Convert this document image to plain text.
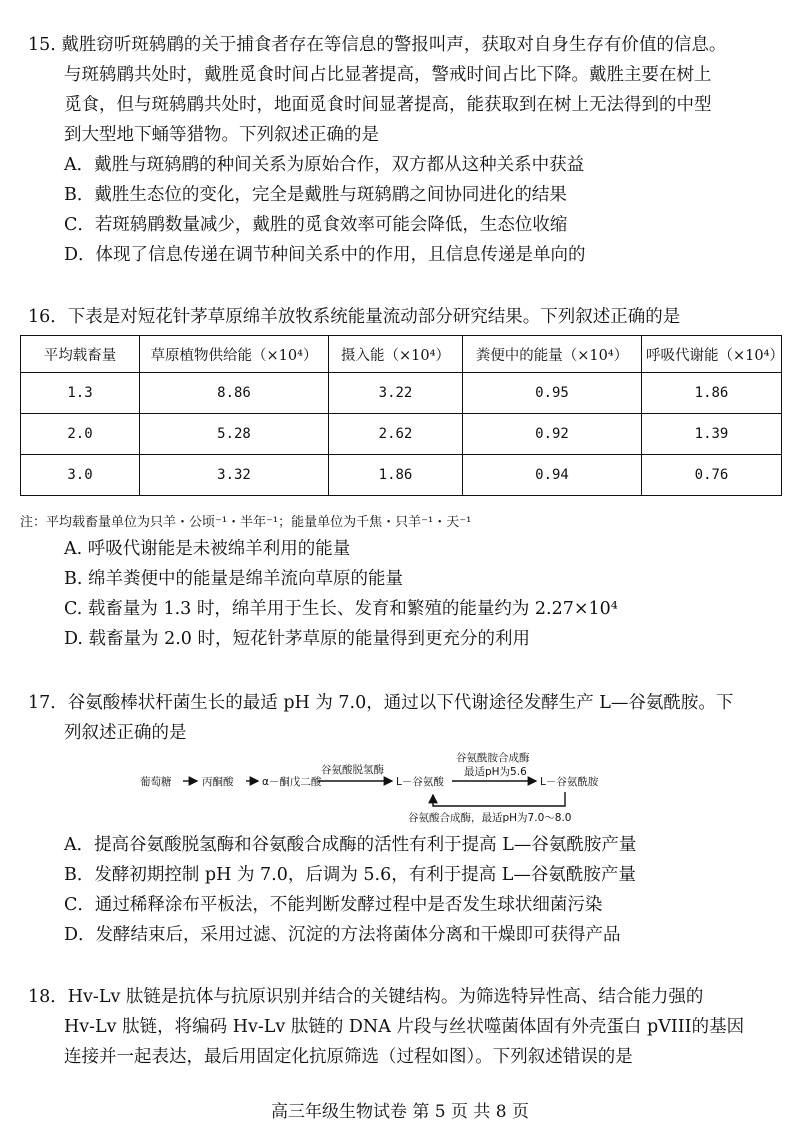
15. 戴胜窃听斑鸫鹛的关于捕食者存在等信息的警报叫声，获取对自身生存有价值的信息。
与斑鸫鹛共处时，戴胜觅食时间占比显著提高，警戒时间占比下降。戴胜主要在树上
觅食，但与斑鸫鹛共处时，地面觅食时间显著提高，能获取到在树上无法得到的中型
到大型地下蛹等猎物。下列叙述正确的是
A．戴胜与斑鸫鹛的种间关系为原始合作，双方都从这种关系中获益
B．戴胜生态位的变化，完全是戴胜与斑鸫鹛之间协同进化的结果
C．若斑鸫鹛数量减少，戴胜的觅食效率可能会降低，生态位收缩
D．体现了信息传递在调节种间关系中的作用，且信息传递是单向的
16．下表是对短花针茅草原绵羊放牧系统能量流动部分研究结果。下列叙述正确的是
平均载畜量	草原植物供给能（×10⁴）	摄入能（×10⁴）	粪便中的能量（×10⁴）	呼吸代谢能（×10⁴）
1.3	8.86	3.22	0.95	1.86
2.0	5.28	2.62	0.92	1.39
3.0	3.32	1.86	0.94	0.76
注：平均载畜量单位为只羊・公顷⁻¹・半年⁻¹；能量单位为千焦・只羊⁻¹・天⁻¹
A. 呼吸代谢能是未被绵羊利用的能量
B. 绵羊粪便中的能量是绵羊流向草原的能量
C. 载畜量为 1.3 时，绵羊用于生长、发育和繁殖的能量约为 2.27×10⁴
D. 载畜量为 2.0 时，短花针茅草原的能量得到更充分的利用
17．谷氨酸棒状杆菌生长的最适 pH 为 7.0，通过以下代谢途径发酵生产 L—谷氨酰胺。下
列叙述正确的是
葡萄糖	丙酮酸	α－酮戊二酸
谷氨酸脱氢酶
L－谷氨酸
谷氨酰胺合成酶
最适pH为5.6
L－谷氨酰胺
谷氨酸合成酶，最适pH为7.0～8.0
A．提高谷氨酸脱氢酶和谷氨酸合成酶的活性有利于提高 L—谷氨酰胺产量
B．发酵初期控制 pH 为 7.0，后调为 5.6，有利于提高 L—谷氨酰胺产量
C．通过稀释涂布平板法，不能判断发酵过程中是否发生球状细菌污染
D．发酵结束后，采用过滤、沉淀的方法将菌体分离和干燥即可获得产品
18．Hv-Lv 肽链是抗体与抗原识别并结合的关键结构。为筛选特异性高、结合能力强的
Hv-Lv 肽链，将编码 Hv-Lv 肽链的 DNA 片段与丝状噬菌体固有外壳蛋白 pVIII的基因
连接并一起表达，最后用固定化抗原筛选（过程如图）。下列叙述错误的是
高三年级生物试卷 第 5 页 共 8 页
